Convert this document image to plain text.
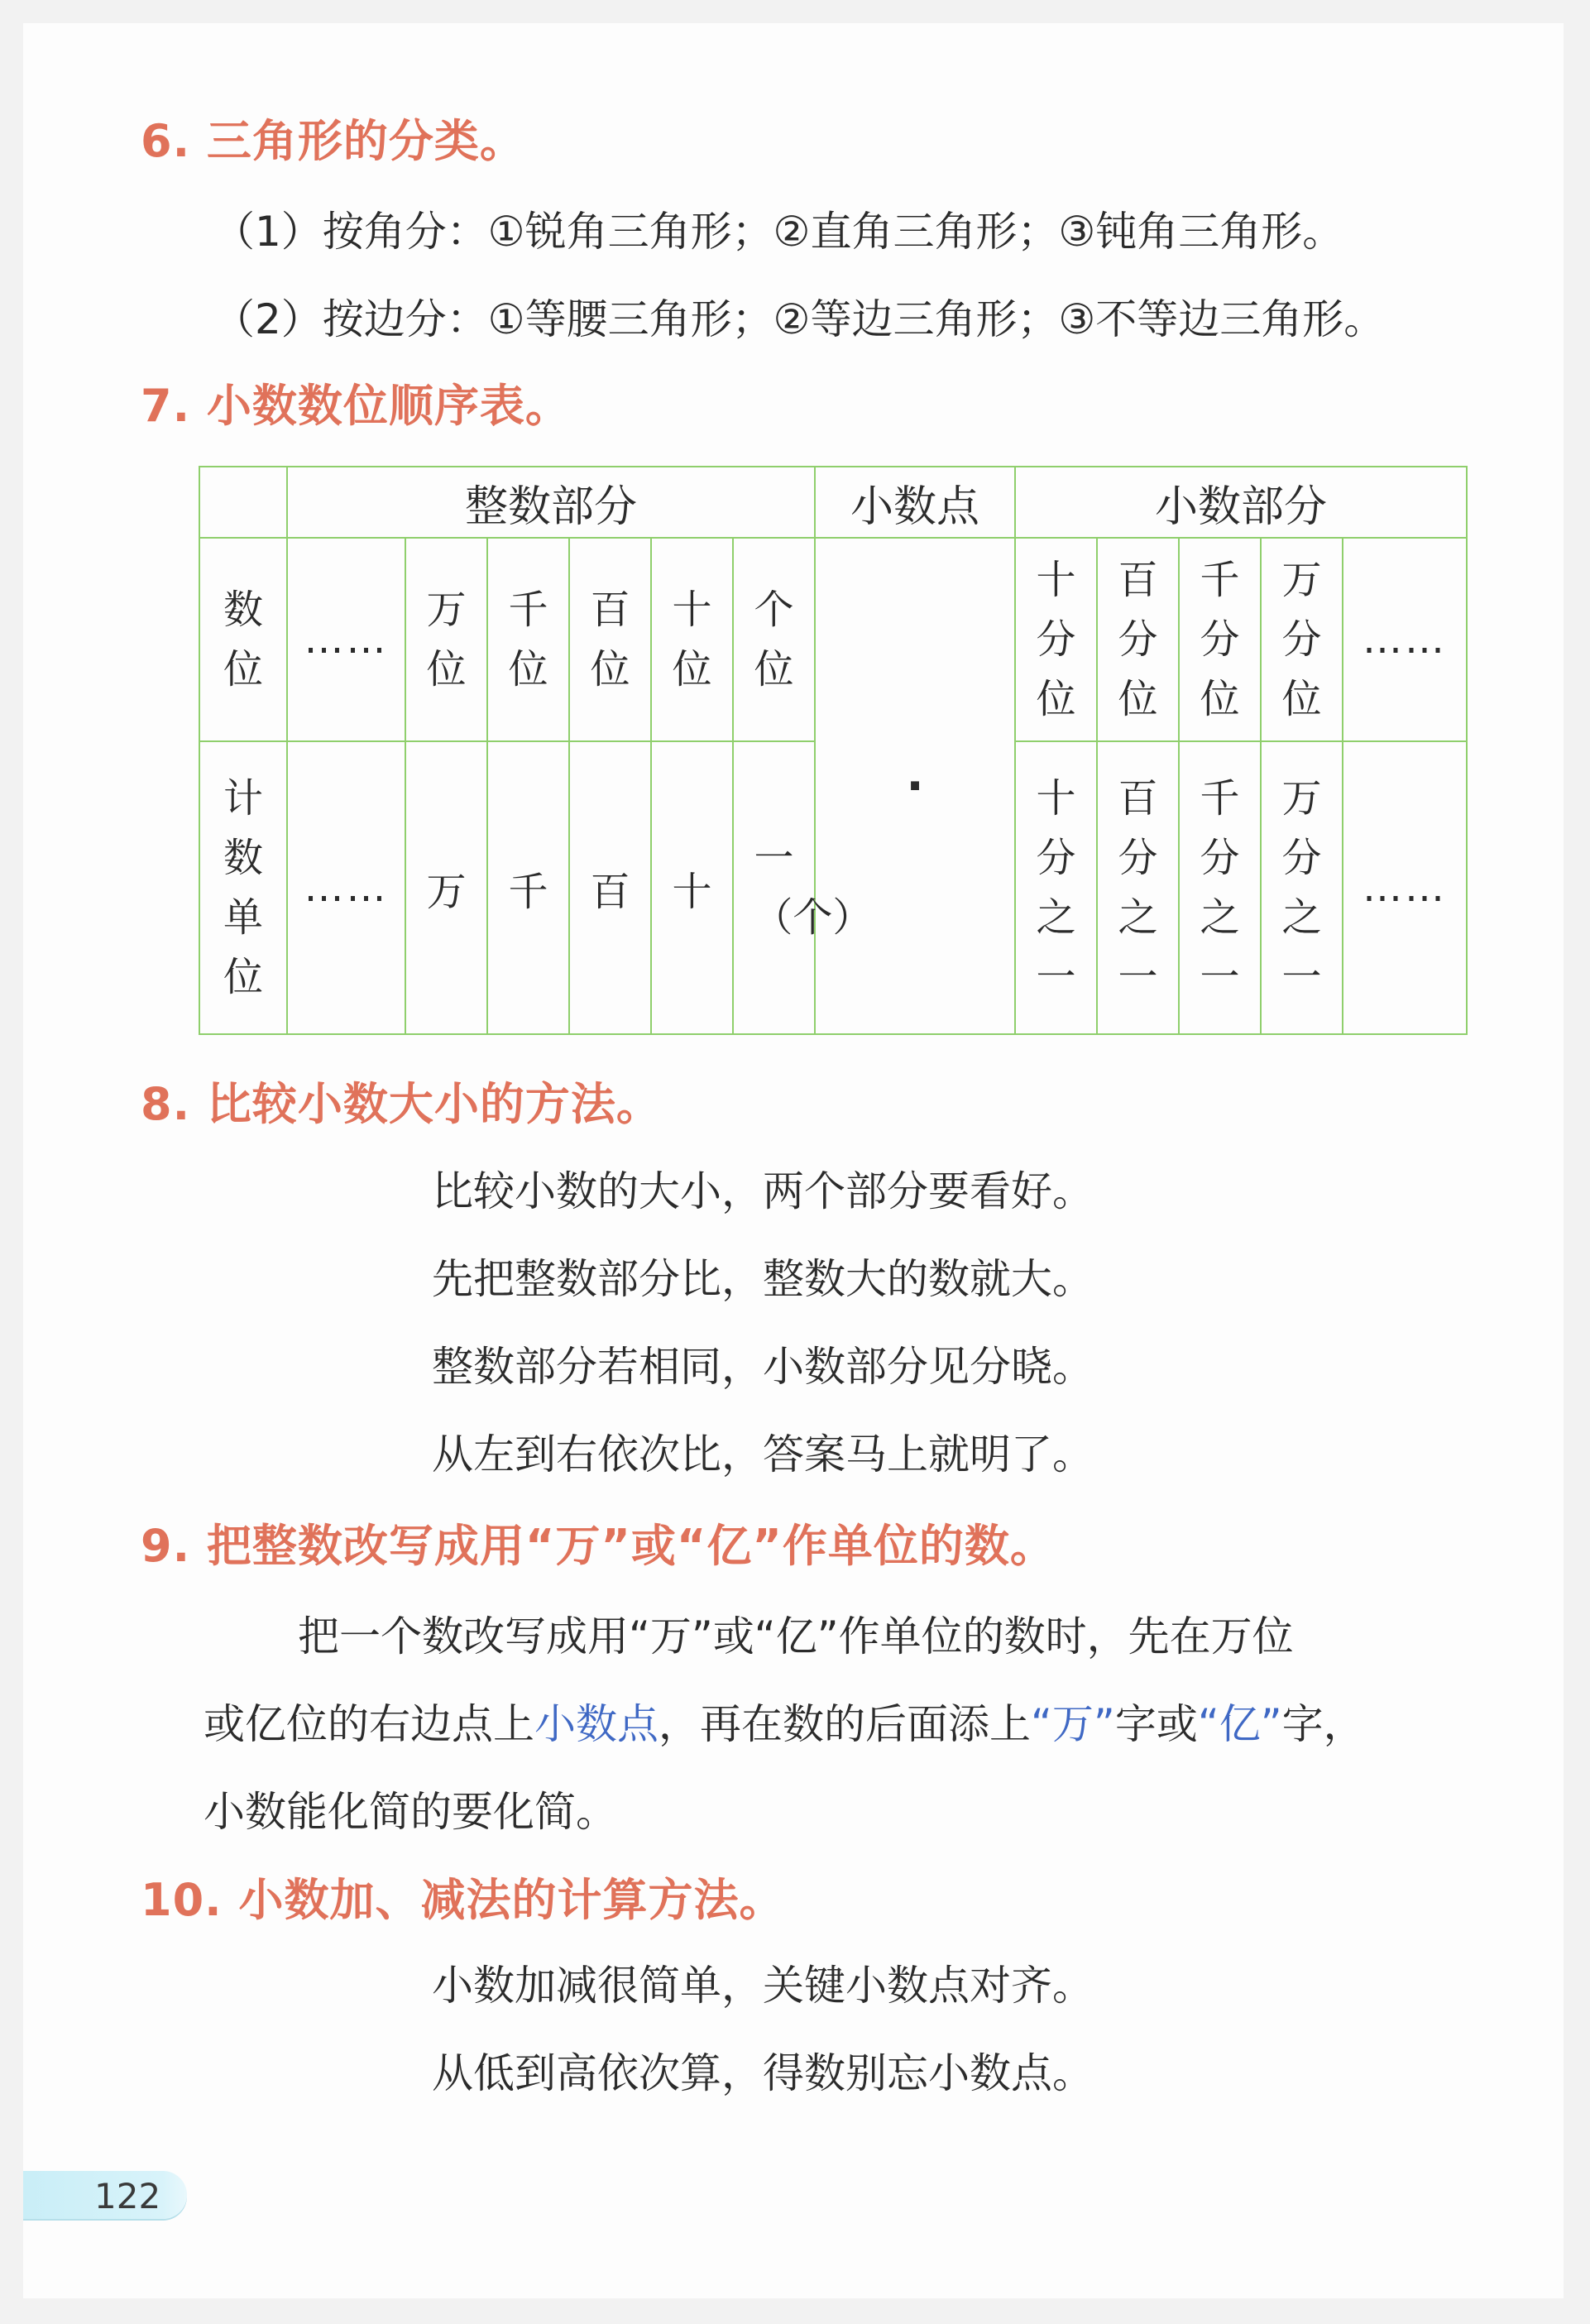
6. 三角形的分类。
（1）按角分：①锐角三角形；②直角三角形；③钝角三角形。
（2）按边分：①等腰三角形；②等边三角形；③不等边三角形。
7. 小数数位顺序表。
	整数部分						小数点	小数部分				
数位	……	万位	千位	百位	十位	个位	·	十分位	百分位	千分位	万分位	……
计数单位	……	万	千	百	十	一（个）		十分之一	百分之一	千分之一	万分之一	……
8. 比较小数大小的方法。
比较小数的大小，两个部分要看好。
先把整数部分比，整数大的数就大。
整数部分若相同，小数部分见分晓。
从左到右依次比，答案马上就明了。
9. 把整数改写成用“万”或“亿”作单位的数。
把一个数改写成用“万”或“亿”作单位的数时，先在万位
或亿位的右边点上小数点，再在数的后面添上“万”字或“亿”字，
小数能化简的要化简。
10. 小数加、减法的计算方法。
小数加减很简单，关键小数点对齐。
从低到高依次算，得数别忘小数点。
122
